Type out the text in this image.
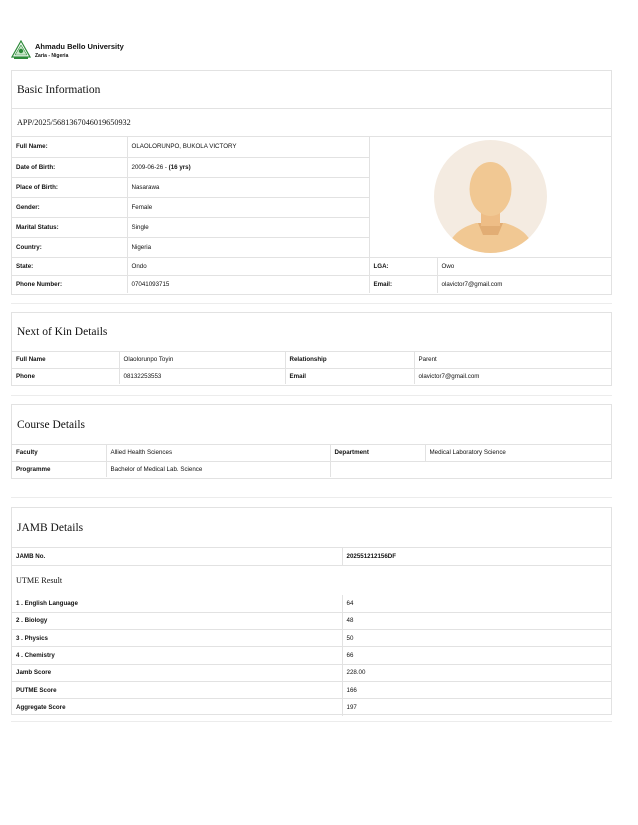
Ahmadu Bello University
Zaria - Nigeria
Basic Information
APP/2025/5681367046019650932
Full Name:	OLAOLORUNPO, BUKOLA VICTORY	

Date of Birth:	2009-06-26 - (16 yrs)		
Place of Birth:	Nasarawa		
Gender:	Female		
Marital Status:	Single		
Country:	Nigeria		
State:	Ondo	LGA:	Owo
Phone Number:	07041093715	Email:	olavictor7@gmail.com
Next of Kin Details
Full Name	Olaolorunpo Toyin	Relationship	Parent
Phone	08132253553	Email	olavictor7@gmail.com
Course Details
Faculty	Allied Health Sciences	Department	Medical Laboratory Science
Programme	Bachelor of Medical Lab. Science		
JAMB Details
JAMB No.	202551212156DF
UTME Result	
1 . English Language	64
2 . Biology	48
3 . Physics	50
4 . Chemistry	66
Jamb Score	228.00
PUTME Score	166
Aggregate Score	197
